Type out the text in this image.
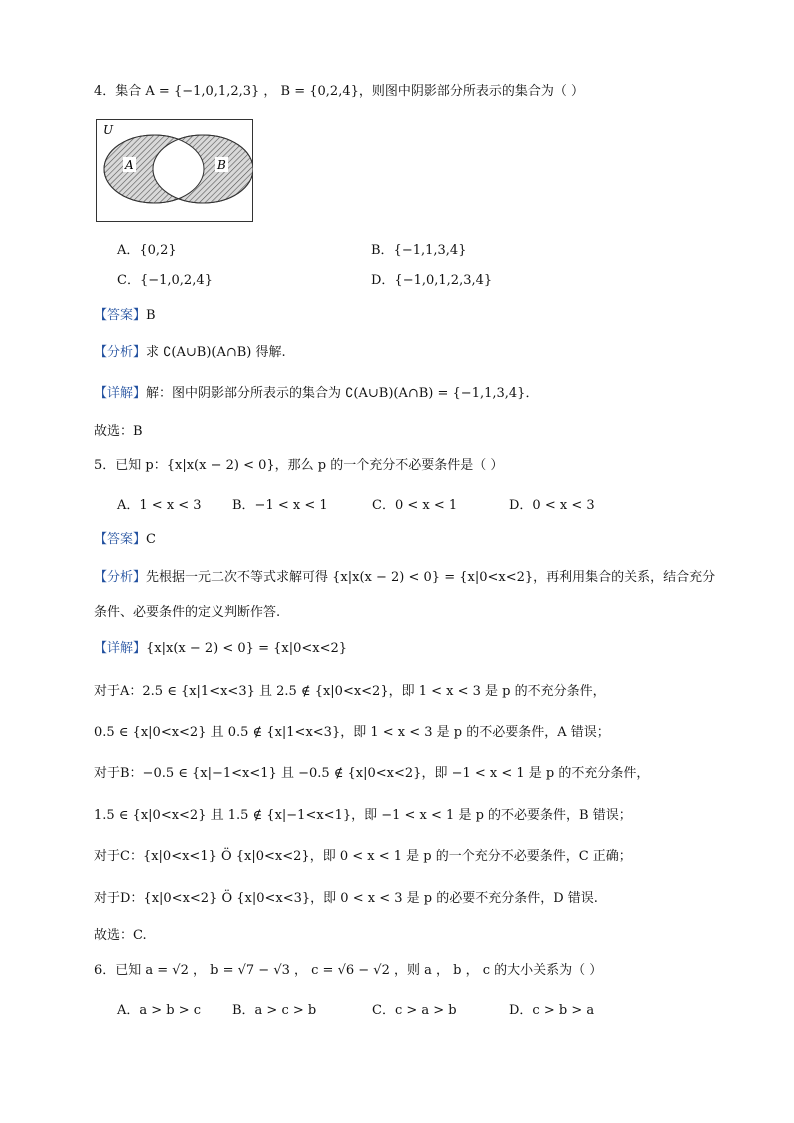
4．集合 A = {−1,0,1,2,3} ， B = {0,2,4}，则图中阴影部分所表示的集合为（ ）
U
A	B
A．{0,2}	B．{−1,1,3,4}
C．{−1,0,2,4}	D．{−1,0,1,2,3,4}
【答案】B
【分析】求 ∁(A∪B)(A∩B) 得解.
【详解】解：图中阴影部分所表示的集合为 ∁(A∪B)(A∩B) = {−1,1,3,4}．
故选：B
5．已知 p：{x|x(x − 2) < 0}，那么 p 的一个充分不必要条件是（ ）
A．1 < x < 3 B．−1 < x < 1	C．0 < x < 1	D．0 < x < 3
【答案】C
【分析】先根据一元二次不等式求解可得 {x|x(x − 2) < 0} = {x|0<x<2}，再利用集合的关系，结合充分
条件、必要条件的定义判断作答.
【详解】{x|x(x − 2) < 0} = {x|0<x<2}
对于A：2.5 ∈ {x|1<x<3} 且 2.5 ∉ {x|0<x<2}，即 1 < x < 3 是 p 的不充分条件，
0.5 ∈ {x|0<x<2} 且 0.5 ∉ {x|1<x<3}，即 1 < x < 3 是 p 的不必要条件，A 错误；
对于B：−0.5 ∈ {x|−1<x<1} 且 −0.5 ∉ {x|0<x<2}，即 −1 < x < 1 是 p 的不充分条件，
1.5 ∈ {x|0<x<2} 且 1.5 ∉ {x|−1<x<1}，即 −1 < x < 1 是 p 的不必要条件，B 错误；
对于C：{x|0<x<1} Ö {x|0<x<2}，即 0 < x < 1 是 p 的一个充分不必要条件，C 正确；
对于D：{x|0<x<2} Ö {x|0<x<3}，即 0 < x < 3 是 p 的必要不充分条件，D 错误.
故选：C.
6．已知 a = √2 ， b = √7 − √3 ， c = √6 − √2 ，则 a ， b ， c 的大小关系为（ ）
A．a > b > c B．a > c > b	C．c > a > b	D．c > b > a
